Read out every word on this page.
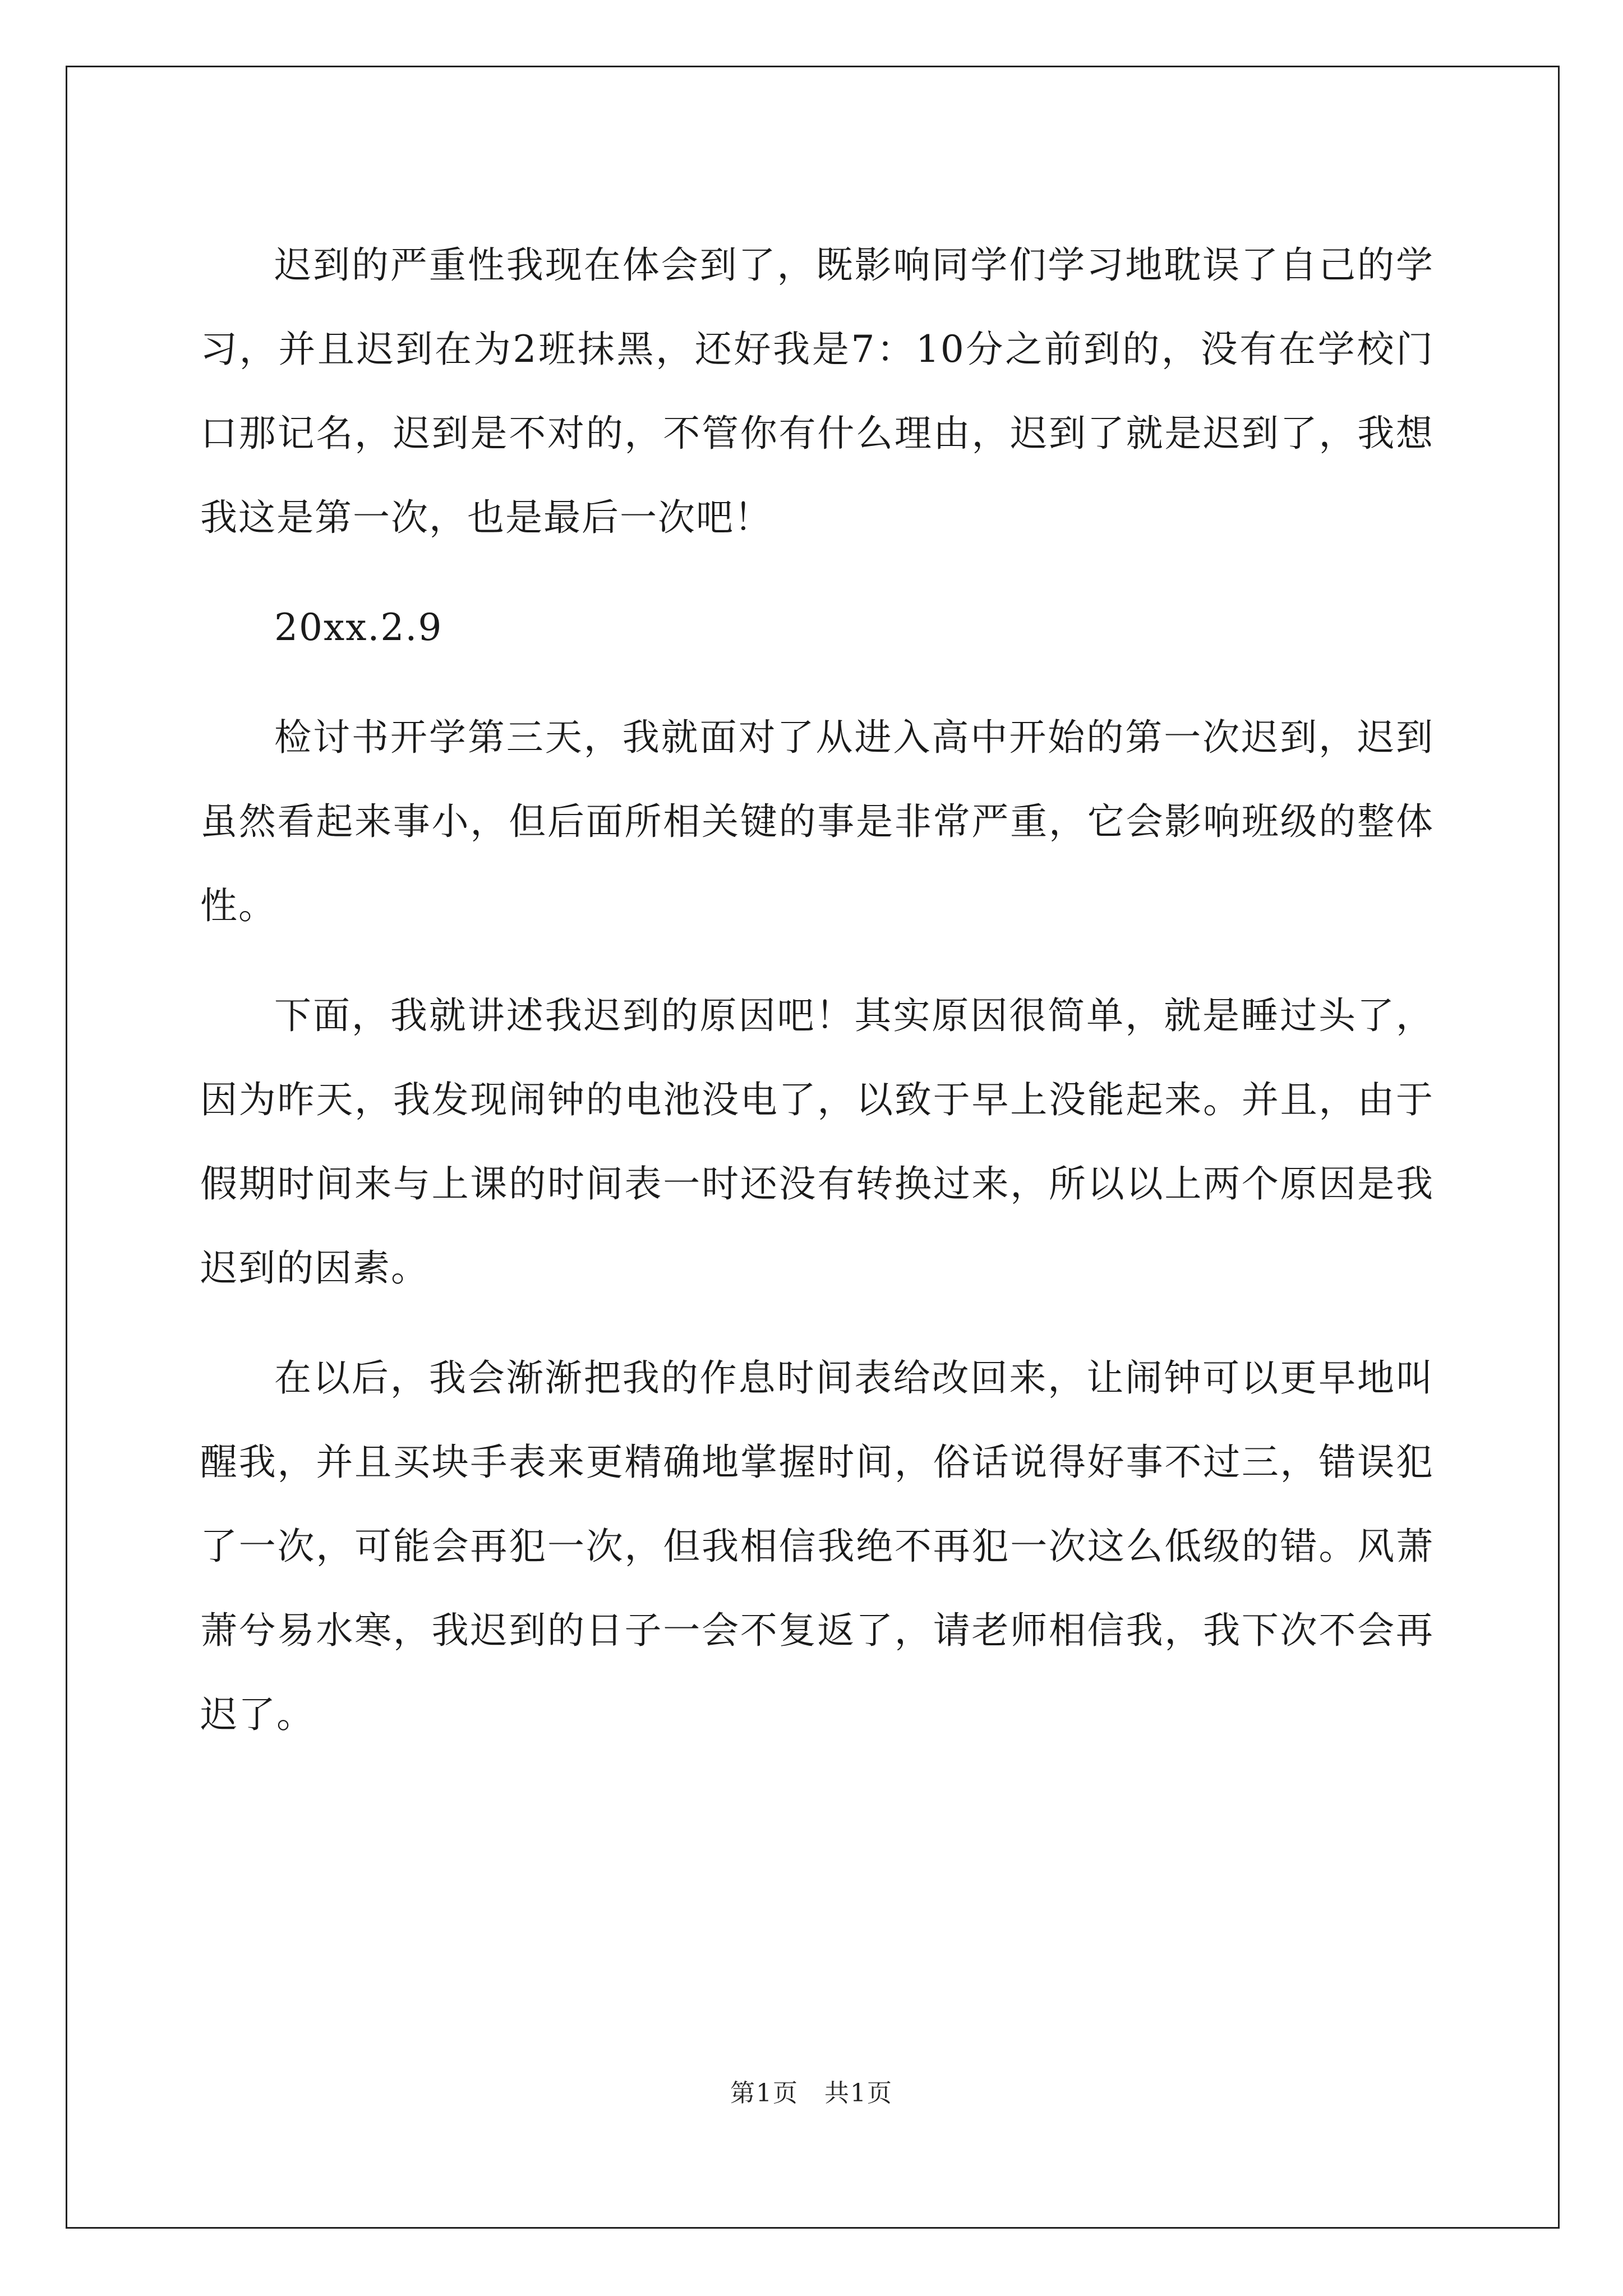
迟到的严重性我现在体会到了，既影响同学们学习地耽误了自己的学习，并且迟到在为2班抹黑，还好我是7：10分之前到的，没有在学校门口那记名，迟到是不对的，不管你有什么理由，迟到了就是迟到了，我想我这是第一次，也是最后一次吧！

20xx.2.9

检讨书开学第三天，我就面对了从进入高中开始的第一次迟到，迟到虽然看起来事小，但后面所相关键的事是非常严重，它会影响班级的整体性。

下面，我就讲述我迟到的原因吧！其实原因很简单，就是睡过头了，因为昨天，我发现闹钟的电池没电了，以致于早上没能起来。并且，由于假期时间来与上课的时间表一时还没有转换过来，所以以上两个原因是我迟到的因素。

在以后，我会渐渐把我的作息时间表给改回来，让闹钟可以更早地叫醒我，并且买块手表来更精确地掌握时间，俗话说得好事不过三，错误犯了一次，可能会再犯一次，但我相信我绝不再犯一次这么低级的错。风萧萧兮易水寒，我迟到的日子一会不复返了，请老师相信我，我下次不会再迟了。

第1页　共1页
